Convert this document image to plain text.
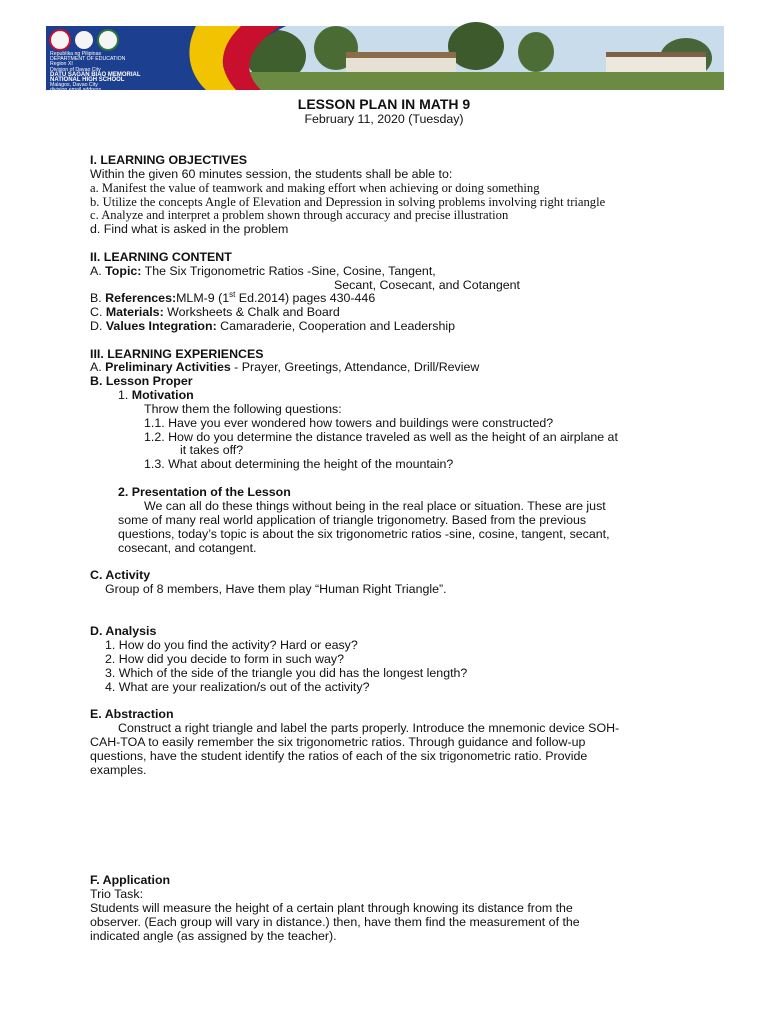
Republika ng Pilipinas
DEPARTMENT OF EDUCATION
Region XI
Division of Davao City
DATU SAGAN BIAO MEMORIAL
NATIONAL HIGH SCHOOL
Malagos, Davao City
division email address
LESSON PLAN IN MATH 9
February 11, 2020 (Tuesday)
I. LEARNING OBJECTIVES
Within the given 60 minutes session, the students shall be able to:
a. Manifest the value of teamwork and making effort when achieving or doing something
b. Utilize the concepts Angle of Elevation and Depression in solving problems involving right triangle
c. Analyze and interpret a problem shown through accuracy and precise illustration
d. Find what is asked in the problem
II. LEARNING CONTENT
A. Topic: The Six Trigonometric Ratios -Sine, Cosine, Tangent,
Secant, Cosecant, and Cotangent
B. References:MLM-9 (1st Ed.2014) pages 430-446
C. Materials: Worksheets & Chalk and Board
D. Values Integration: Camaraderie, Cooperation and Leadership
III. LEARNING EXPERIENCES
A. Preliminary Activities - Prayer, Greetings, Attendance, Drill/Review
B. Lesson Proper
1. Motivation
Throw them the following questions:
1.1. Have you ever wondered how towers and buildings were constructed?
1.2. How do you determine the distance traveled as well as the height of an airplane at
it takes off?
1.3. What about determining the height of the mountain?
2. Presentation of the Lesson
We can all do these things without being in the real place or situation. These are just
some of many real world application of triangle trigonometry. Based from the previous
questions, today’s topic is about the six trigonometric ratios -sine, cosine, tangent, secant,
cosecant, and cotangent.
C. Activity
Group of 8 members, Have them play “Human Right Triangle”.
D. Analysis
1. How do you find the activity? Hard or easy?
2. How did you decide to form in such way?
3. Which of the side of the triangle you did has the longest length?
4. What are your realization/s out of the activity?
E. Abstraction
Construct a right triangle and label the parts properly. Introduce the mnemonic device SOH-
CAH-TOA to easily remember the six trigonometric ratios. Through guidance and follow-up
questions, have the student identify the ratios of each of the six trigonometric ratio. Provide
examples.
F. Application
Trio Task:
Students will measure the height of a certain plant through knowing its distance from the
observer. (Each group will vary in distance.) then, have them find the measurement of the
indicated angle (as assigned by the teacher).
